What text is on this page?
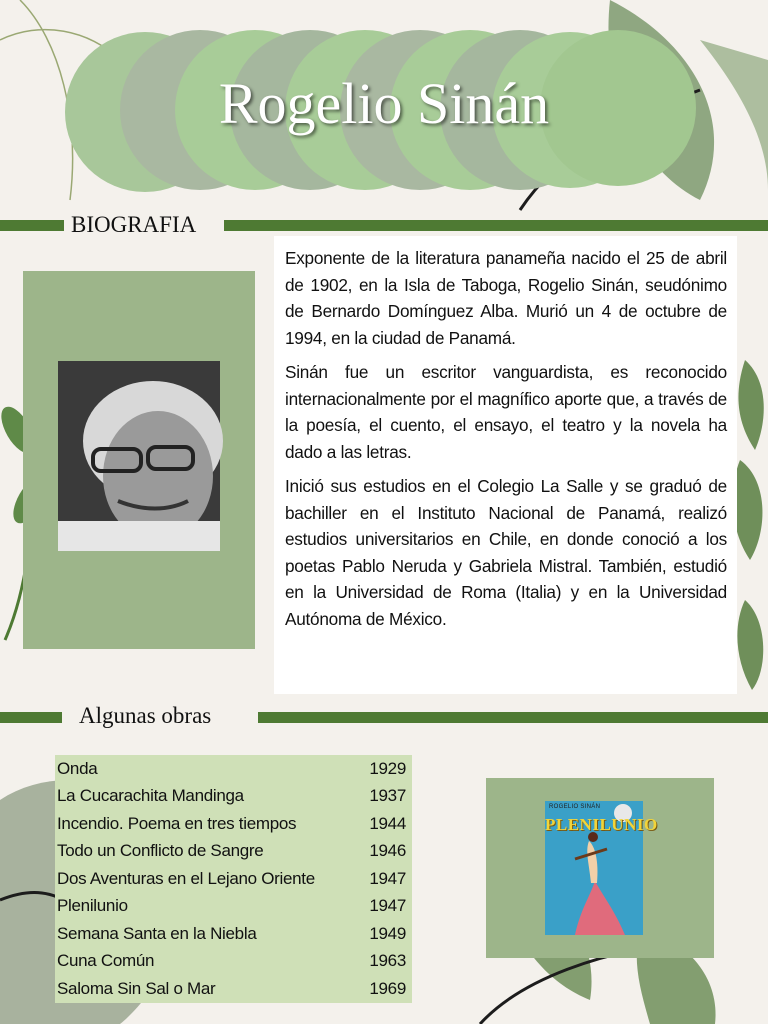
Rogelio Sinán
BIOGRAFIA

Exponente de la literatura panameña nacido el 25 de abril de 1902, en la Isla de Taboga, Rogelio Sinán, seudónimo de Bernardo Domínguez Alba. Murió un 4 de octubre de 1994, en la ciudad de Panamá.

Sinán fue un escritor vanguardista, es reconocido internacionalmente por el magnífico aporte que, a través de la poesía, el cuento, el ensayo, el teatro y la novela ha dado a las letras.

Inició sus estudios en el Colegio La Salle y se graduó de bachiller en el Instituto Nacional de Panamá, realizó estudios universitarios en Chile, en donde conoció a los poetas Pablo Neruda y Gabriela Mistral. También, estudió en la Universidad de Roma (Italia) y en la Universidad Autónoma de México.

Algunas obras
Onda	1929
La Cucarachita Mandinga	1937
Incendio. Poema en tres tiempos	1944
Todo un Conflicto de Sangre	1946
Dos Aventuras en el Lejano Oriente	1947
Plenilunio	1947
Semana Santa en la Niebla	1949
Cuna Común	1963
Saloma Sin Sal o Mar	1969
ROGELIO SINÁN
PLENILUNIO
